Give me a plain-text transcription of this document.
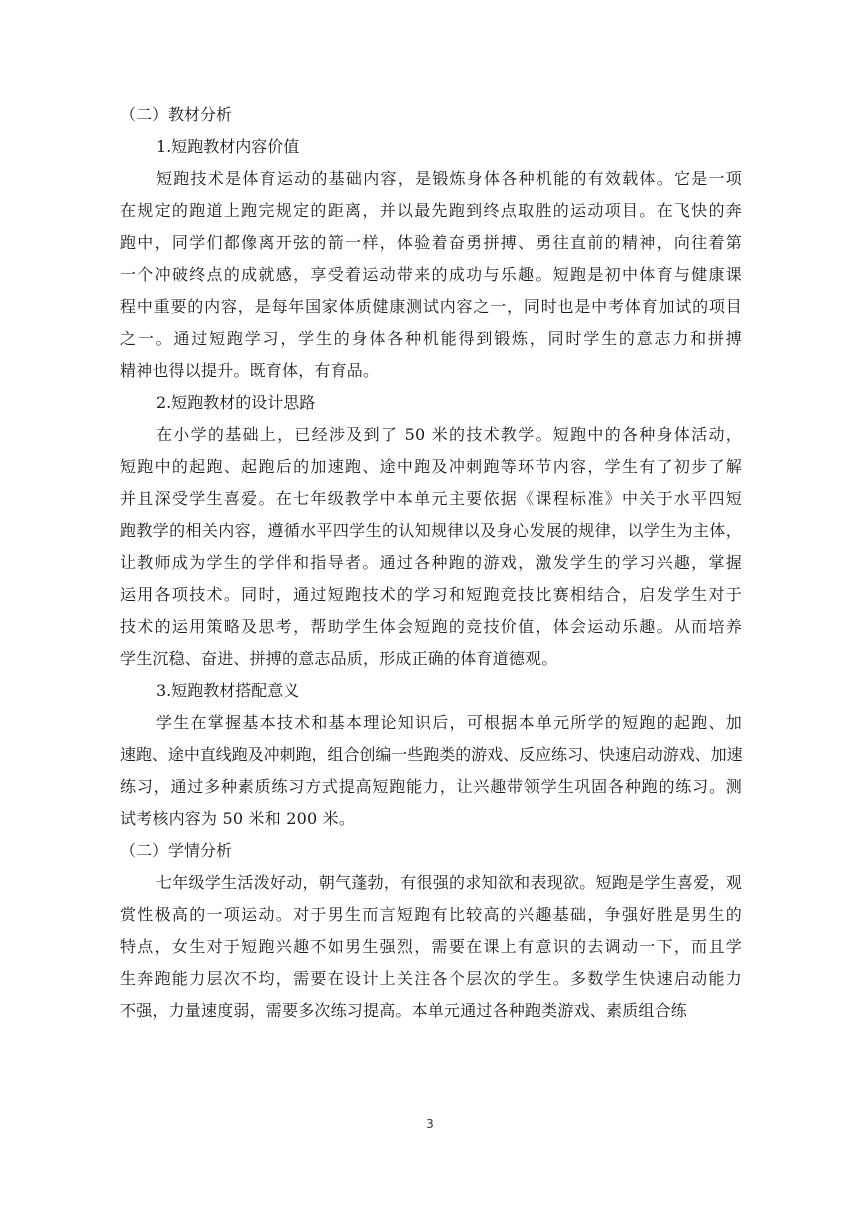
（二）教材分析
1.短跑教材内容价值

短跑技术是体育运动的基础内容，是锻炼身体各种机能的有效载体。它是一项
在规定的跑道上跑完规定的距离，并以最先跑到终点取胜的运动项目。在飞快的奔
跑中，同学们都像离开弦的箭一样，体验着奋勇拼搏、勇往直前的精神，向往着第
一个冲破终点的成就感，享受着运动带来的成功与乐趣。短跑是初中体育与健康课
程中重要的内容，是每年国家体质健康测试内容之一，同时也是中考体育加试的项目
之一。通过短跑学习，学生的身体各种机能得到锻炼，同时学生的意志力和拼搏
精神也得以提升。既育体，有育品。

2.短跑教材的设计思路

在小学的基础上，已经涉及到了 50 米的技术教学。短跑中的各种身体活动，
短跑中的起跑、起跑后的加速跑、途中跑及冲刺跑等环节内容，学生有了初步了解
并且深受学生喜爱。在七年级教学中本单元主要依据《课程标准》中关于水平四短
跑教学的相关内容，遵循水平四学生的认知规律以及身心发展的规律，以学生为主体，
让教师成为学生的学伴和指导者。通过各种跑的游戏，激发学生的学习兴趣，掌握
运用各项技术。同时，通过短跑技术的学习和短跑竞技比赛相结合，启发学生对于
技术的运用策略及思考，帮助学生体会短跑的竞技价值，体会运动乐趣。从而培养
学生沉稳、奋进、拼搏的意志品质，形成正确的体育道德观。

3.短跑教材搭配意义

学生在掌握基本技术和基本理论知识后，可根据本单元所学的短跑的起跑、加
速跑、途中直线跑及冲刺跑，组合创编一些跑类的游戏、反应练习、快速启动游戏、加速
练习，通过多种素质练习方式提高短跑能力，让兴趣带领学生巩固各种跑的练习。测
试考核内容为 50 米和 200 米。

（二）学情分析

七年级学生活泼好动，朝气蓬勃，有很强的求知欲和表现欲。短跑是学生喜爱，观
赏性极高的一项运动。对于男生而言短跑有比较高的兴趣基础，争强好胜是男生的
特点，女生对于短跑兴趣不如男生强烈，需要在课上有意识的去调动一下，而且学
生奔跑能力层次不均，需要在设计上关注各个层次的学生。多数学生快速启动能力
不强，力量速度弱，需要多次练习提高。本单元通过各种跑类游戏、素质组合练

3
